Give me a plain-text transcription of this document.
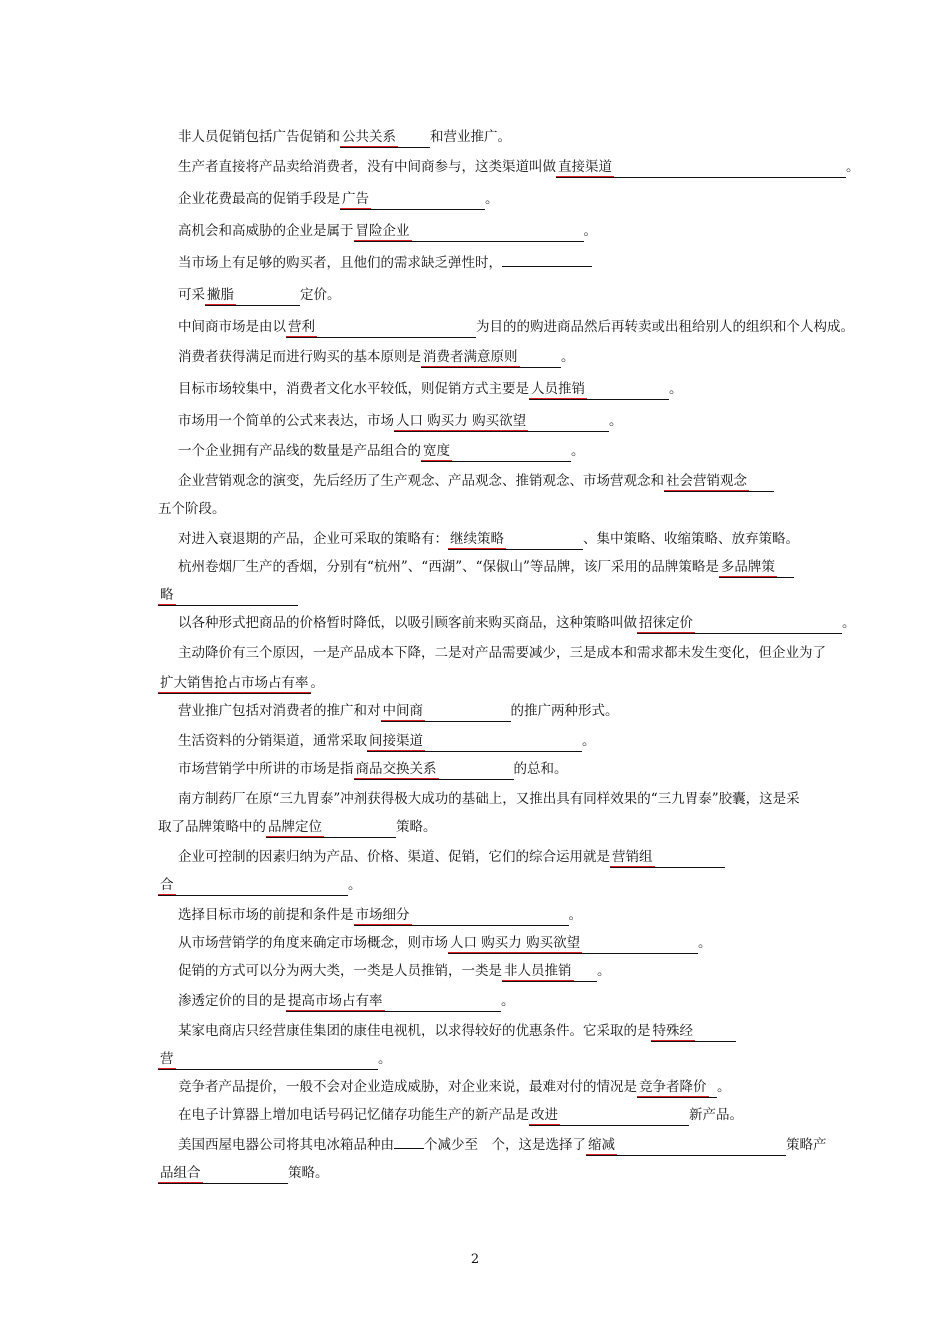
非人员促销包括广告促销和 公共关系	和营业推广。
生产者直接将产品卖给消费者，没有中间商参与，这类渠道叫做 直接渠道	。
企业花费最高的促销手段是 广告	。
高机会和高威胁的企业是属于 冒险企业	。
当市场上有足够的购买者，且他们的需求缺乏弹性时，
可采 撇脂	定价。
中间商市场是由以 营利	为目的的购进商品然后再转卖或出租给别人的组织和个人构成。
消费者获得满足而进行购买的基本原则是 消费者满意原则	。
目标市场较集中，消费者文化水平较低，则促销方式主要是 人员推销	。
市场用一个简单的公式来表达，市场 人口 购买力 购买欲望	。
一个企业拥有产品线的数量是产品组合的 宽度	。
企业营销观念的演变，先后经历了生产观念、产品观念、推销观念、市场营观念和 社会营销观念
五个阶段。
对进入衰退期的产品，企业可采取的策略有： 继续策略	、集中策略、收缩策略、放弃策略。
杭州卷烟厂生产的香烟，分别有“杭州”、“西湖”、“保俶山”等品牌，该厂采用的品牌策略是 多品牌策
略
以各种形式把商品的价格暂时降低，以吸引顾客前来购买商品，这种策略叫做 招徕定价	。
主动降价有三个原因，一是产品成本下降，二是对产品需要减少，三是成本和需求都未发生变化，但企业为了
扩大销售抢占市场占有率 。
营业推广包括对消费者的推广和对 中间商	的推广两种形式。
生活资料的分销渠道，通常采取 间接渠道	。
市场营销学中所讲的市场是指 商品交换关系	的总和。
南方制药厂在原“三九胃泰”冲剂获得极大成功的基础上，又推出具有同样效果的“三九胃泰”胶囊，这是采
取了品牌策略中的 品牌定位	策略。
企业可控制的因素归纳为产品、价格、渠道、促销，它们的综合运用就是 营销组
合	。
选择目标市场的前提和条件是 市场细分	。
从市场营销学的角度来确定市场概念，则市场 人口 购买力 购买欲望	。
促销的方式可以分为两大类，一类是人员推销，一类是 非人员推销 。
渗透定价的目的是 提高市场占有率	。
某家电商店只经营康佳集团的康佳电视机，以求得较好的优惠条件。它采取的是 特殊经
营	。
竞争者产品提价，一般不会对企业造成威胁，对企业来说，最难对付的情况是 竞争者降价 。
在电子计算器上增加电话号码记忆储存功能生产的新产品是 改进	新产品。
美国西屋电器公司将其电冰箱品种由 个减少至　个，这是选择了 缩减	策略产
品组合	策略。
2
